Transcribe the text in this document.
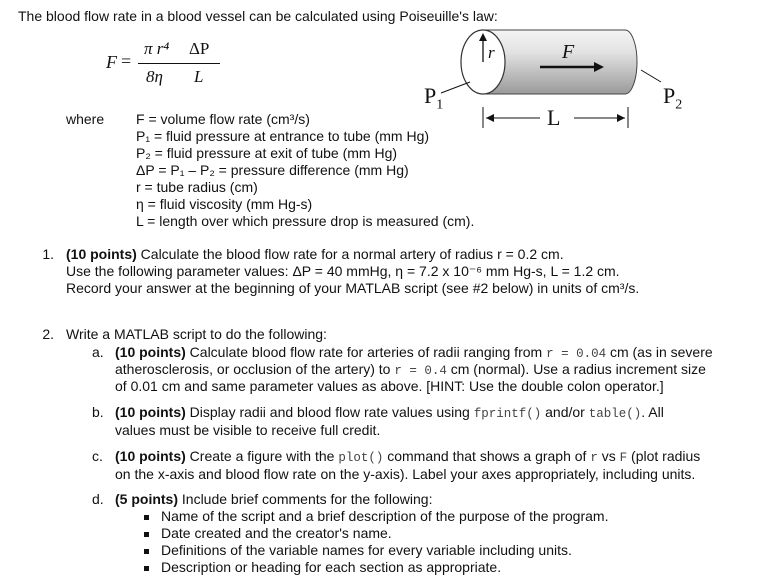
The blood flow rate in a blood vessel can be calculated using Poiseuille's law:
F =
π r⁴ ΔP
8η L
r	F
$P_1$	$P_2$
L
where F = volume flow rate (cm³/s)
P₁ = fluid pressure at entrance to tube (mm Hg)
P₂ = fluid pressure at exit of tube (mm Hg)
ΔP = P₁ – P₂ = pressure difference (mm Hg)
r = tube radius (cm)
η = fluid viscosity (mm Hg-s)
L = length over which pressure drop is measured (cm).
1. (10 points) Calculate the blood flow rate for a normal artery of radius r = 0.2 cm.
Use the following parameter values: ΔP = 40 mmHg, η = 7.2 x 10⁻⁶ mm Hg-s, L = 1.2 cm.
Record your answer at the beginning of your MATLAB script (see #2 below) in units of cm³/s.
2. Write a MATLAB script to do the following:
a. (10 points) Calculate blood flow rate for arteries of radii ranging from r = 0.04 cm (as in severe
atherosclerosis, or occlusion of the artery) to r = 0.4 cm (normal). Use a radius increment size
of 0.01 cm and same parameter values as above. [HINT: Use the double colon operator.]
b. (10 points) Display radii and blood flow rate values using fprintf() and/or table(). All
values must be visible to receive full credit.
c. (10 points) Create a figure with the plot() command that shows a graph of r vs F (plot radius
on the x-axis and blood flow rate on the y-axis). Label your axes appropriately, including units.
d. (5 points) Include brief comments for the following:
Name of the script and a brief description of the purpose of the program.
Date created and the creator's name.
Definitions of the variable names for every variable including units.
Description or heading for each section as appropriate.
